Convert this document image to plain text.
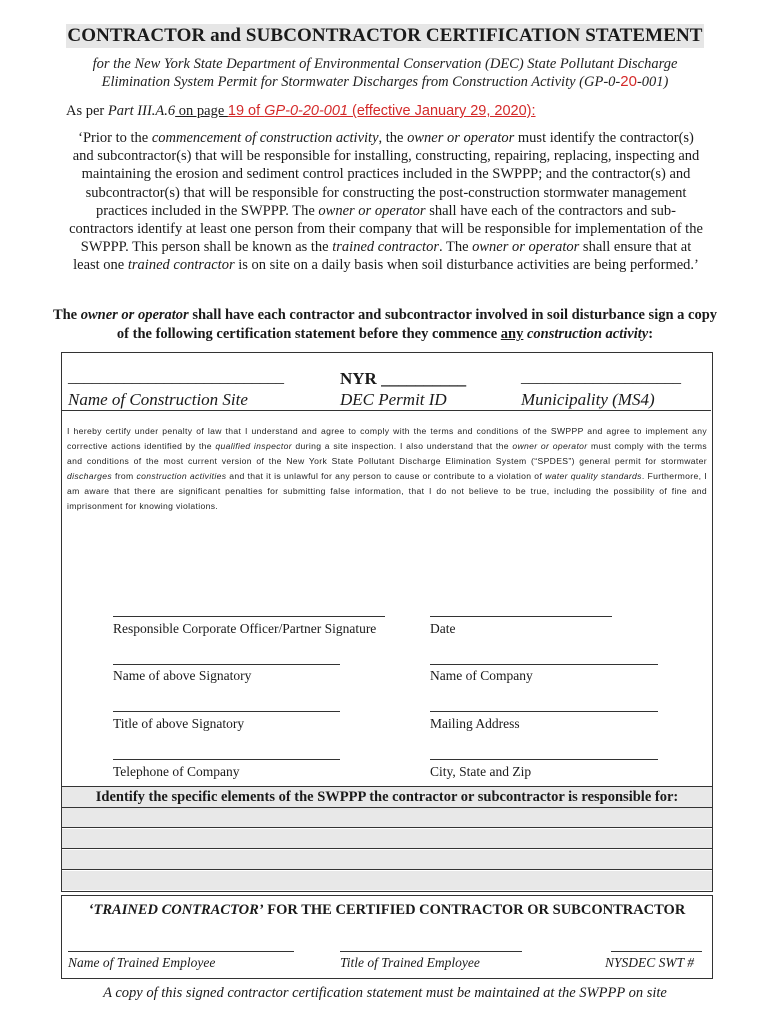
CONTRACTOR and SUBCONTRACTOR CERTIFICATION STATEMENT
for the New York State Department of Environmental Conservation (DEC) State Pollutant Discharge
Elimination System Permit for Stormwater Discharges from Construction Activity (GP-0-20-001)
As per Part III.A.6 on page 19 of GP-0-20-001 (effective January 29, 2020):
‘Prior to the commencement of construction activity, the owner or operator must identify the contractor(s) and subcontractor(s) that will be responsible for installing, constructing, repairing, replacing, inspecting and maintaining the erosion and sediment control practices included in the SWPPP; and the contractor(s) and subcontractor(s) that will be responsible for constructing the post-construction stormwater management practices included in the SWPPP. The owner or operator shall have each of the contractors and sub-contractors identify at least one person from their company that will be responsible for implementation of the SWPPP. This person shall be known as the trained contractor. The owner or operator shall ensure that at least one trained contractor is on site on a daily basis when soil disturbance activities are being performed.’
The owner or operator shall have each contractor and subcontractor involved in soil disturbance sign a copy of the following certification statement before they commence any construction activity:
___________________________
Name of Construction Site
NYR __________
DEC Permit ID
____________________
Municipality (MS4)
I hereby certify under penalty of law that I understand and agree to comply with the terms and conditions of the SWPPP and agree to implement any corrective actions identified by the qualified inspector during a site inspection. I also understand that the owner or operator must comply with the terms and conditions of the most current version of the New York State Pollutant Discharge Elimination System (“SPDES”) general permit for stormwater discharges from construction activities and that it is unlawful for any person to cause or contribute to a violation of water quality standards. Furthermore, I am aware that there are significant penalties for submitting false information, that I do not believe to be true, including the possibility of fine and imprisonment for knowing violations.
Responsible Corporate Officer/Partner Signature	Date
Name of above Signatory	Name of Company
Title of above Signatory	Mailing Address
Telephone of Company	City, State and Zip
Identify the specific elements of the SWPPP the contractor or subcontractor is responsible for:
‘TRAINED CONTRACTOR’ FOR THE CERTIFIED CONTRACTOR OR SUBCONTRACTOR
Name of Trained Employee	Title of Trained Employee	NYSDEC SWT #
A copy of this signed contractor certification statement must be maintained at the SWPPP on site
